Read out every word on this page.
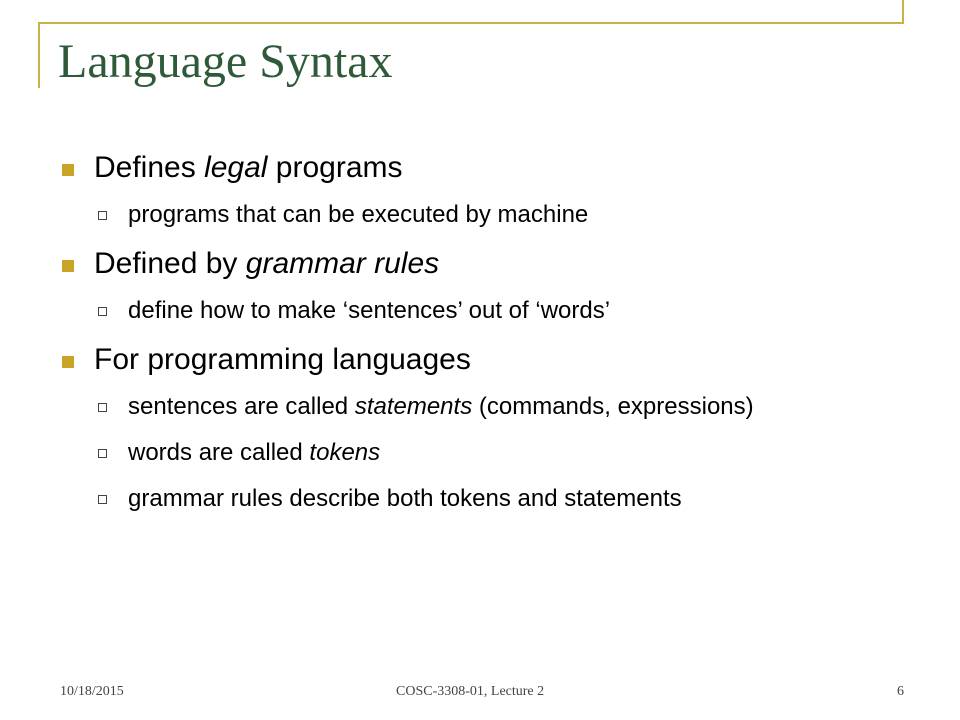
Language Syntax
Defines legal programs
programs that can be executed by machine
Defined by grammar rules
define how to make ‘sentences’ out of ‘words’
For programming languages
sentences are called statements (commands, expressions)
words are called tokens
grammar rules describe both tokens and statements
10/18/2015	COSC-3308-01, Lecture 2	6
